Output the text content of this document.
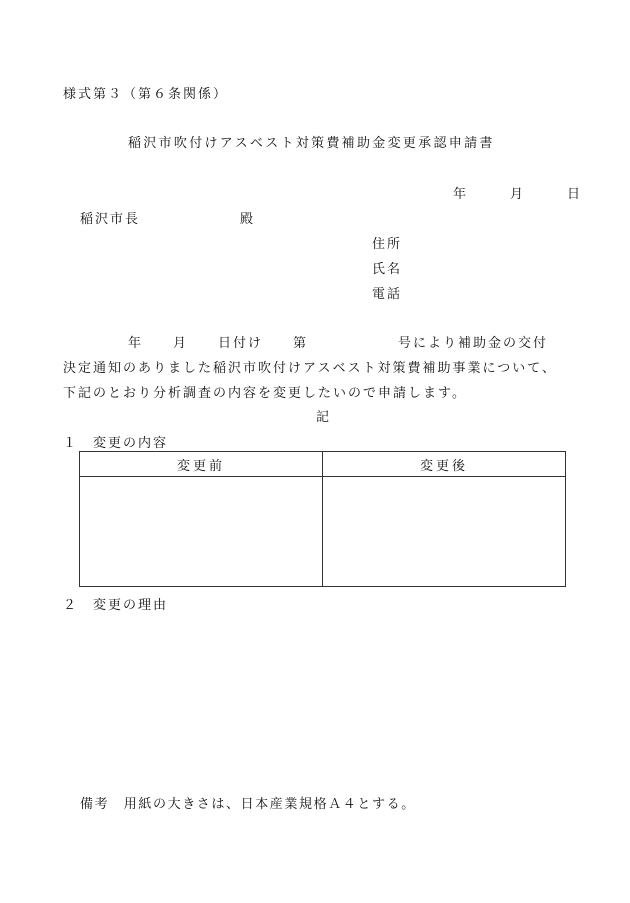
様式第３（第６条関係）
稲沢市吹付けアスベスト対策費補助金変更承認申請書
年	月	日
稲沢市長	殿
住所
氏名
電話
年　　月　　日付け　　第　　　　　　号により補助金の交付
決定通知のありました稲沢市吹付けアスベスト対策費補助事業について、
下記のとおり分析調査の内容を変更したいので申請します。
記
１　変更の内容
変更前	変更後

２　変更の理由
備考　用紙の大きさは、日本産業規格Ａ４とする。
